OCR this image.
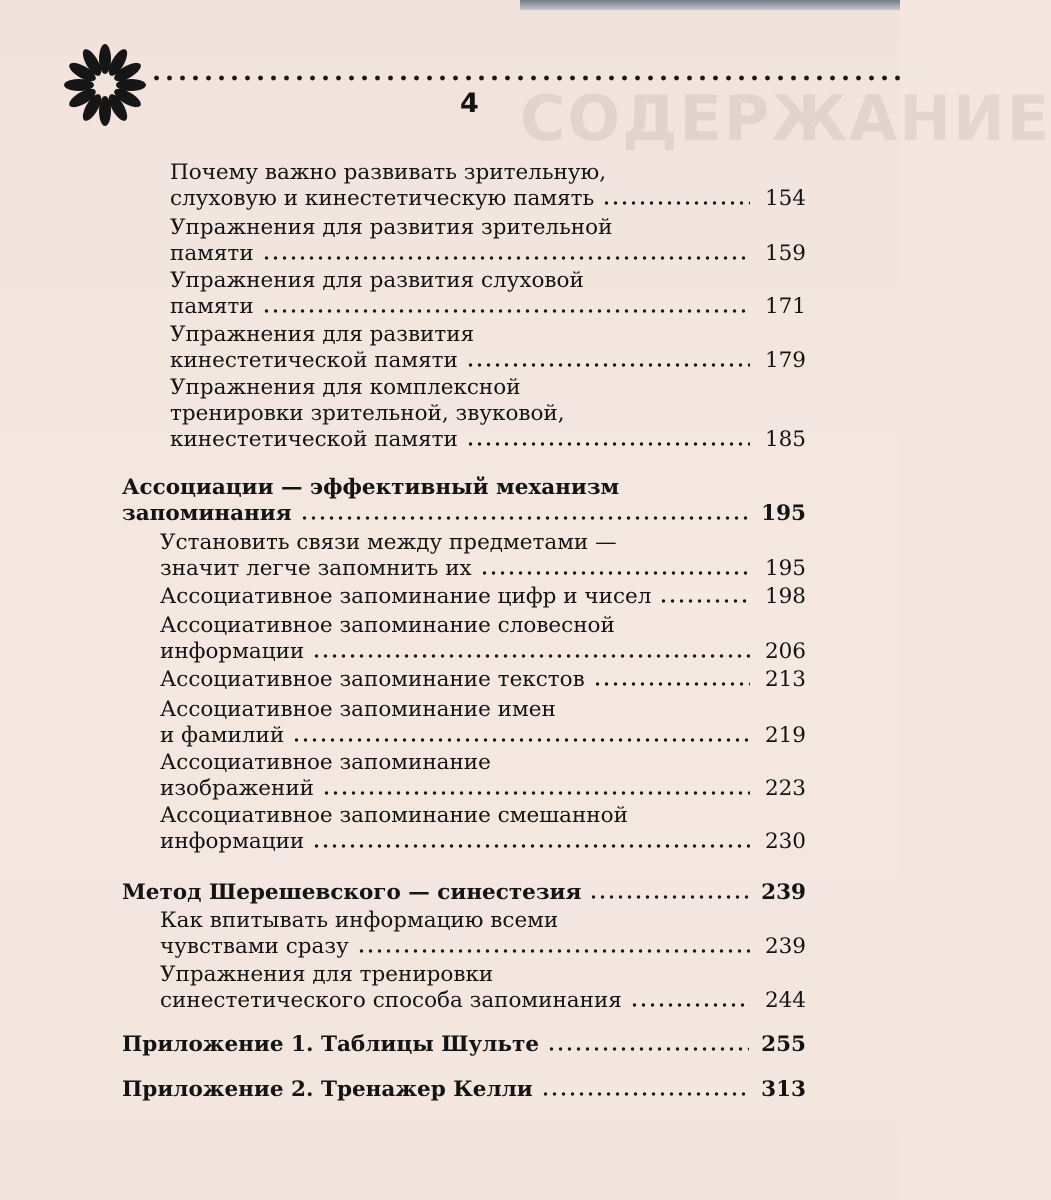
СОДЕРЖАНИЕ
4
Почему важно развивать зрительную,
слуховую и кинестетическую память	154
Упражнения для развития зрительной
памяти	159
Упражнения для развития слуховой
памяти	171
Упражнения для развития
кинестетической памяти	179
Упражнения для комплексной
тренировки зрительной, звуковой,
кинестетической памяти	185
Ассоциации — эффективный механизм
запоминания	195
Установить связи между предметами —
значит легче запомнить их	195
Ассоциативное запоминание цифр и чисел	198
Ассоциативное запоминание словесной
информации	206
Ассоциативное запоминание текстов	213
Ассоциативное запоминание имен
и фамилий	219
Ассоциативное запоминание
изображений	223
Ассоциативное запоминание смешанной
информации	230
Метод Шерешевского — синестезия	239
Как впитывать информацию всеми
чувствами сразу	239
Упражнения для тренировки
синестетического способа запоминания	244
Приложение 1. Таблицы Шульте	255
Приложение 2. Тренажер Келли	313
